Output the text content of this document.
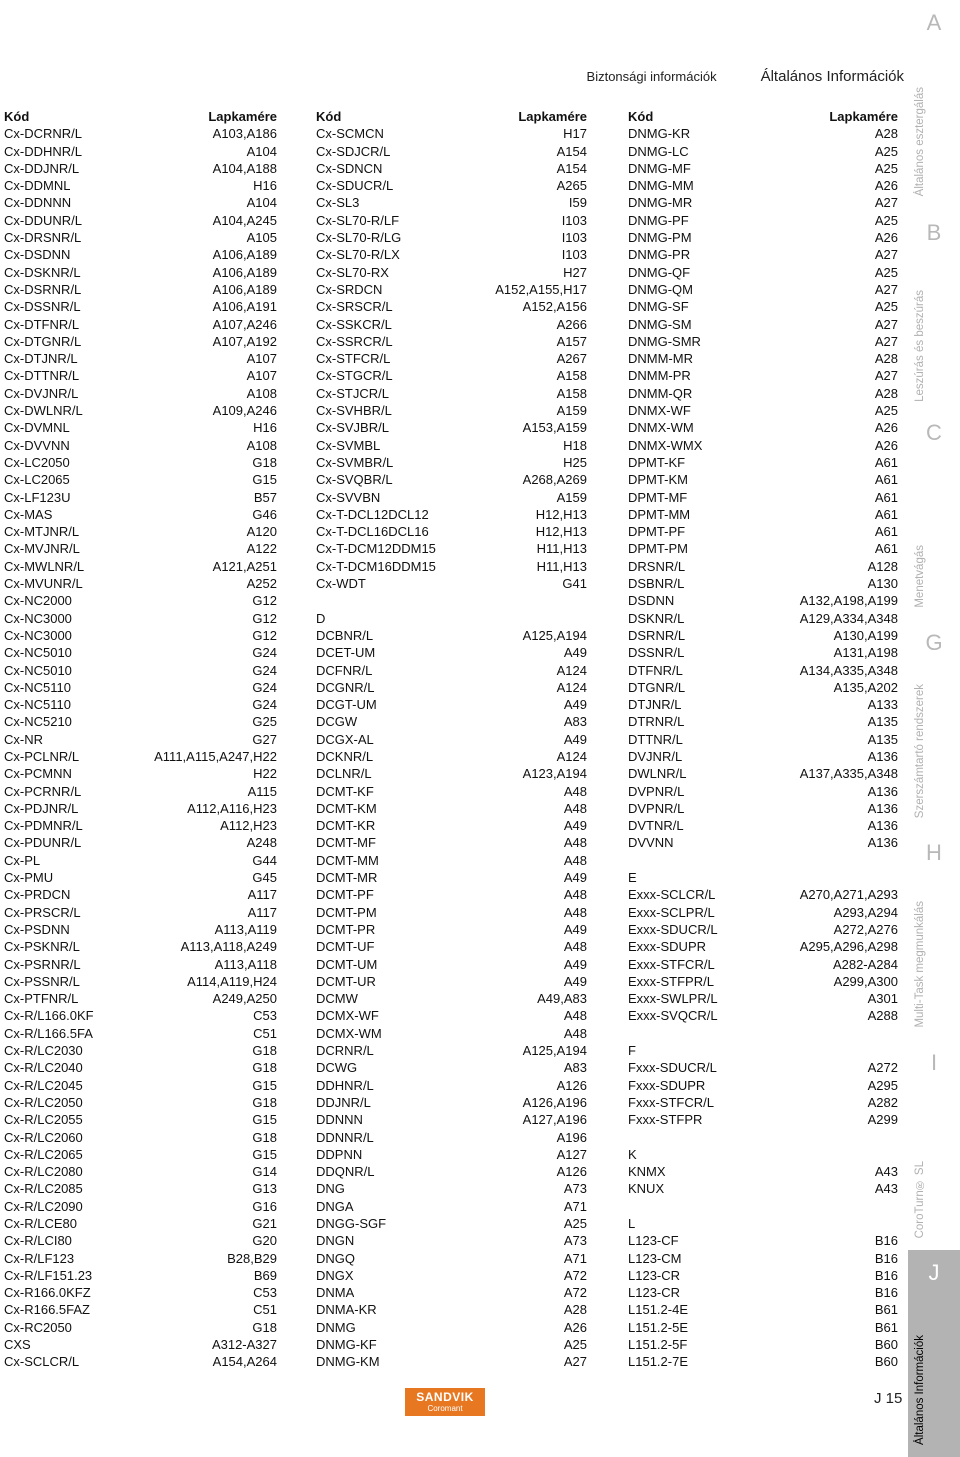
Biztonsági információk	Általános Információk
Kód	Lapkamére
Cx-DCRNR/L	A103,A186
Cx-DDHNR/L	A104
Cx-DDJNR/L	A104,A188
Cx-DDMNL	H16
Cx-DDNNN	A104
Cx-DDUNR/L	A104,A245
Cx-DRSNR/L	A105
Cx-DSDNN	A106,A189
Cx-DSKNR/L	A106,A189
Cx-DSRNR/L	A106,A189
Cx-DSSNR/L	A106,A191
Cx-DTFNR/L	A107,A246
Cx-DTGNR/L	A107,A192
Cx-DTJNR/L	A107
Cx-DTTNR/L	A107
Cx-DVJNR/L	A108
Cx-DWLNR/L	A109,A246
Cx-DVMNL	H16
Cx-DVVNN	A108
Cx-LC2050	G18
Cx-LC2065	G15
Cx-LF123U	B57
Cx-MAS	G46
Cx-MTJNR/L	A120
Cx-MVJNR/L	A122
Cx-MWLNR/L	A121,A251
Cx-MVUNR/L	A252
Cx-NC2000	G12
Cx-NC3000	G12
Cx-NC3000	G12
Cx-NC5010	G24
Cx-NC5010	G24
Cx-NC5110	G24
Cx-NC5110	G24
Cx-NC5210	G25
Cx-NR	G27
Cx-PCLNR/L	A111,A115,A247,H22
Cx-PCMNN	H22
Cx-PCRNR/L	A115
Cx-PDJNR/L	A112,A116,H23
Cx-PDMNR/L	A112,H23
Cx-PDUNR/L	A248
Cx-PL	G44
Cx-PMU	G45
Cx-PRDCN	A117
Cx-PRSCR/L	A117
Cx-PSDNN	A113,A119
Cx-PSKNR/L	A113,A118,A249
Cx-PSRNR/L	A113,A118
Cx-PSSNR/L	A114,A119,H24
Cx-PTFNR/L	A249,A250
Cx-R/L166.0KF	C53
Cx-R/L166.5FA	C51
Cx-R/LC2030	G18
Cx-R/LC2040	G18
Cx-R/LC2045	G15
Cx-R/LC2050	G18
Cx-R/LC2055	G15
Cx-R/LC2060	G18
Cx-R/LC2065	G15
Cx-R/LC2080	G14
Cx-R/LC2085	G13
Cx-R/LC2090	G16
Cx-R/LCE80	G21
Cx-R/LCI80	G20
Cx-R/LF123	B28,B29
Cx-R/LF151.23	B69
Cx-R166.0KFZ	C53
Cx-R166.5FAZ	C51
Cx-RC2050	G18
CXS	A312-A327
Cx-SCLCR/L	A154,A264
Kód	Lapkamére
Cx-SCMCN	H17
Cx-SDJCR/L	A154
Cx-SDNCN	A154
Cx-SDUCR/L	A265
Cx-SL3	I59
Cx-SL70-R/LF	I103
Cx-SL70-R/LG	I103
Cx-SL70-R/LX	I103
Cx-SL70-RX	H27
Cx-SRDCN	A152,A155,H17
Cx-SRSCR/L	A152,A156
Cx-SSKCR/L	A266
Cx-SSRCR/L	A157
Cx-STFCR/L	A267
Cx-STGCR/L	A158
Cx-STJCR/L	A158
Cx-SVHBR/L	A159
Cx-SVJBR/L	A153,A159
Cx-SVMBL	H18
Cx-SVMBR/L	H25
Cx-SVQBR/L	A268,A269
Cx-SVVBN	A159
Cx-T-DCL12DCL12	H12,H13
Cx-T-DCL16DCL16	H12,H13
Cx-T-DCM12DDM15	H11,H13
Cx-T-DCM16DDM15	H11,H13
Cx-WDT	G41
D
DCBNR/L	A125,A194
DCET-UM	A49
DCFNR/L	A124
DCGNR/L	A124
DCGT-UM	A49
DCGW	A83
DCGX-AL	A49
DCKNR/L	A124
DCLNR/L	A123,A194
DCMT-KF	A48
DCMT-KM	A48
DCMT-KR	A49
DCMT-MF	A48
DCMT-MM	A48
DCMT-MR	A49
DCMT-PF	A48
DCMT-PM	A48
DCMT-PR	A49
DCMT-UF	A48
DCMT-UM	A49
DCMT-UR	A49
DCMW	A49,A83
DCMX-WF	A48
DCMX-WM	A48
DCRNR/L	A125,A194
DCWG	A83
DDHNR/L	A126
DDJNR/L	A126,A196
DDNNN	A127,A196
DDNNR/L	A196
DDPNN	A127
DDQNR/L	A126
DNG	A73
DNGA	A71
DNGG-SGF	A25
DNGN	A73
DNGQ	A71
DNGX	A72
DNMA	A72
DNMA-KR	A28
DNMG	A26
DNMG-KF	A25
DNMG-KM	A27
Kód	Lapkamére
DNMG-KR	A28
DNMG-LC	A25
DNMG-MF	A25
DNMG-MM	A26
DNMG-MR	A27
DNMG-PF	A25
DNMG-PM	A26
DNMG-PR	A27
DNMG-QF	A25
DNMG-QM	A27
DNMG-SF	A25
DNMG-SM	A27
DNMG-SMR	A27
DNMM-MR	A28
DNMM-PR	A27
DNMM-QR	A28
DNMX-WF	A25
DNMX-WM	A26
DNMX-WMX	A26
DPMT-KF	A61
DPMT-KM	A61
DPMT-MF	A61
DPMT-MM	A61
DPMT-PF	A61
DPMT-PM	A61
DRSNR/L	A128
DSBNR/L	A130
DSDNN	A132,A198,A199
DSKNR/L	A129,A334,A348
DSRNR/L	A130,A199
DSSNR/L	A131,A198
DTFNR/L	A134,A335,A348
DTGNR/L	A135,A202
DTJNR/L	A133
DTRNR/L	A135
DTTNR/L	A135
DVJNR/L	A136
DWLNR/L	A137,A335,A348
DVPNR/L	A136
DVPNR/L	A136
DVTNR/L	A136
DVVNN	A136
E
Exxx-SCLCR/L	A270,A271,A293
Exxx-SCLPR/L	A293,A294
Exxx-SDUCR/L	A272,A276
Exxx-SDUPR	A295,A296,A298
Exxx-STFCR/L	A282-A284
Exxx-STFPR/L	A299,A300
Exxx-SWLPR/L	A301
Exxx-SVQCR/L	A288
F
Fxxx-SDUCR/L	A272
Fxxx-SDUPR	A295
Fxxx-STFCR/L	A282
Fxxx-STFPR	A299
K
KNMX	A43
KNUX	A43
L
L123-CF	B16
L123-CM	B16
L123-CR	B16
L123-CR	B16
L151.2-4E	B61
L151.2-5E	B61
L151.2-5F	B60
L151.2-7E	B60
A
Általános esztergálás
B
Leszúrás és beszúrás
C
Menetvágás
G
Szerszámtartó rendszerek
H
Multi-Task megmunkálás
I
CoroTurn® SL
J
Általános Információk
SANDVIK
Coromant
J 15
